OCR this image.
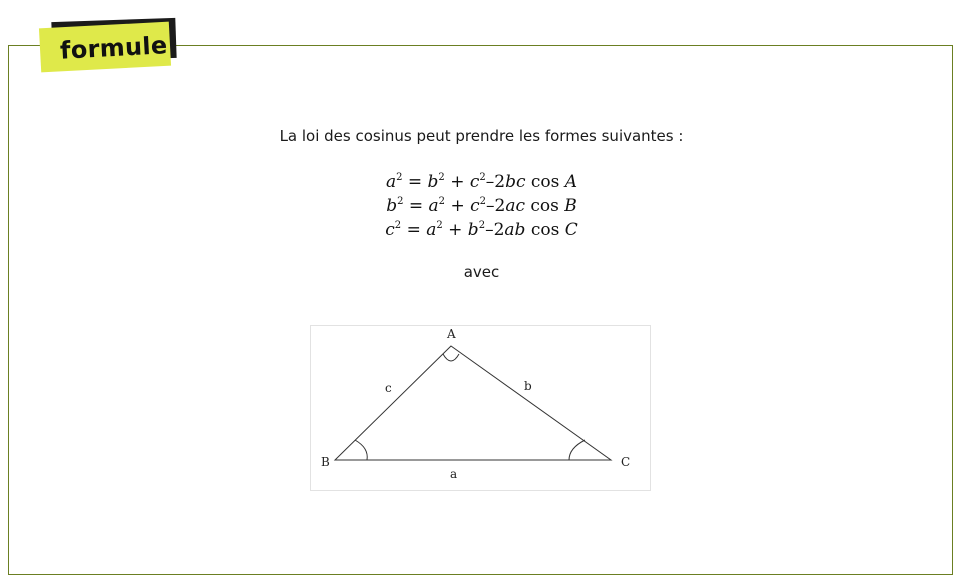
formule
La loi des cosinus peut prendre les formes suivantes :
$a^2 = b^2 + c^2-2bc$ cos A
$b^2 = a^2 + c^2-2ac$ cos B
$c^2 = a^2 + b^2-2ab$ cos C
avec
A
B	C
a
b
c
